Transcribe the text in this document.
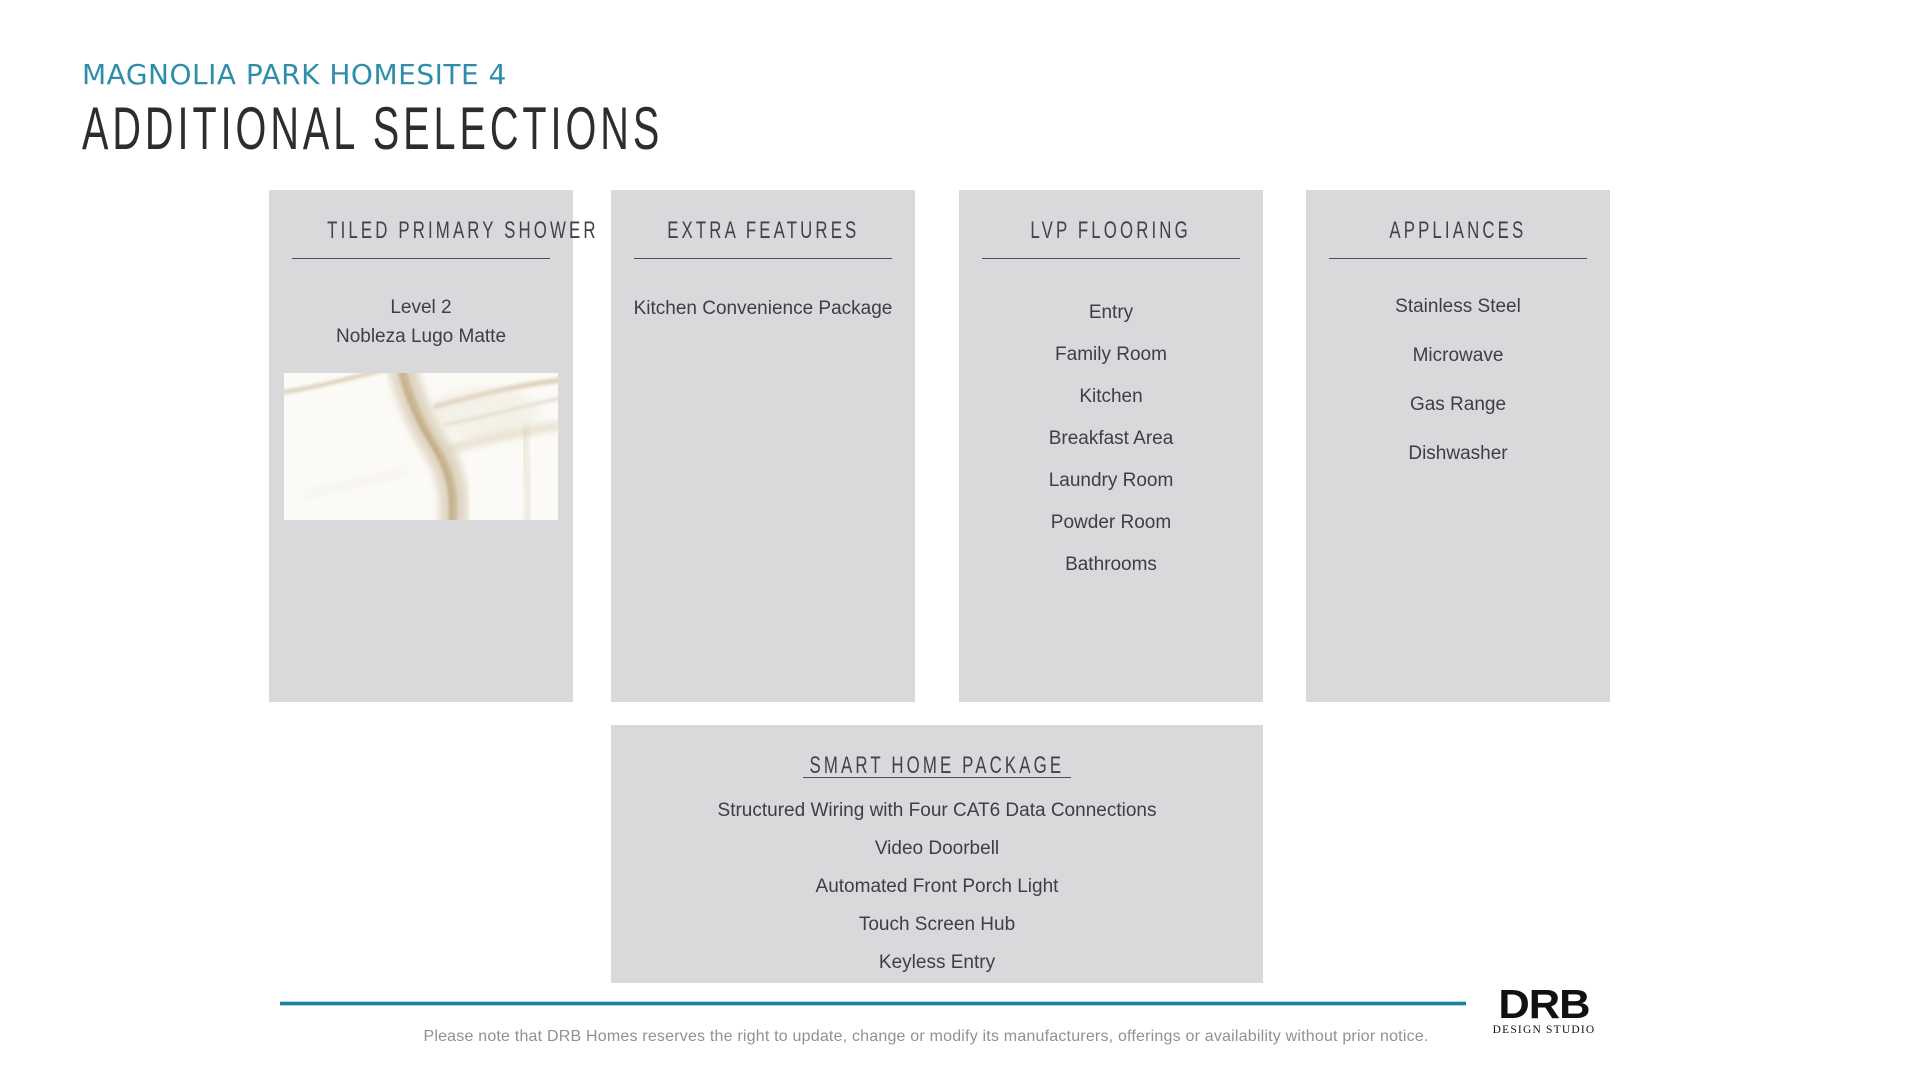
MAGNOLIA PARK HOMESITE 4
ADDITIONAL SELECTIONS
TILED PRIMARY SHOWER
Level 2
Nobleza Lugo Matte
EXTRA FEATURES
Kitchen Convenience Package
LVP FLOORING
Entry
Family Room
Kitchen
Breakfast Area
Laundry Room
Powder Room
Bathrooms
APPLIANCES
Stainless Steel
Microwave
Gas Range
Dishwasher
SMART HOME PACKAGE
Structured Wiring with Four CAT6 Data Connections
Video Doorbell
Automated Front Porch Light
Touch Screen Hub
Keyless Entry
Please note that DRB Homes reserves the right to update, change or modify its manufacturers, offerings or availability without prior notice.
DRB
DESIGN STUDIO
